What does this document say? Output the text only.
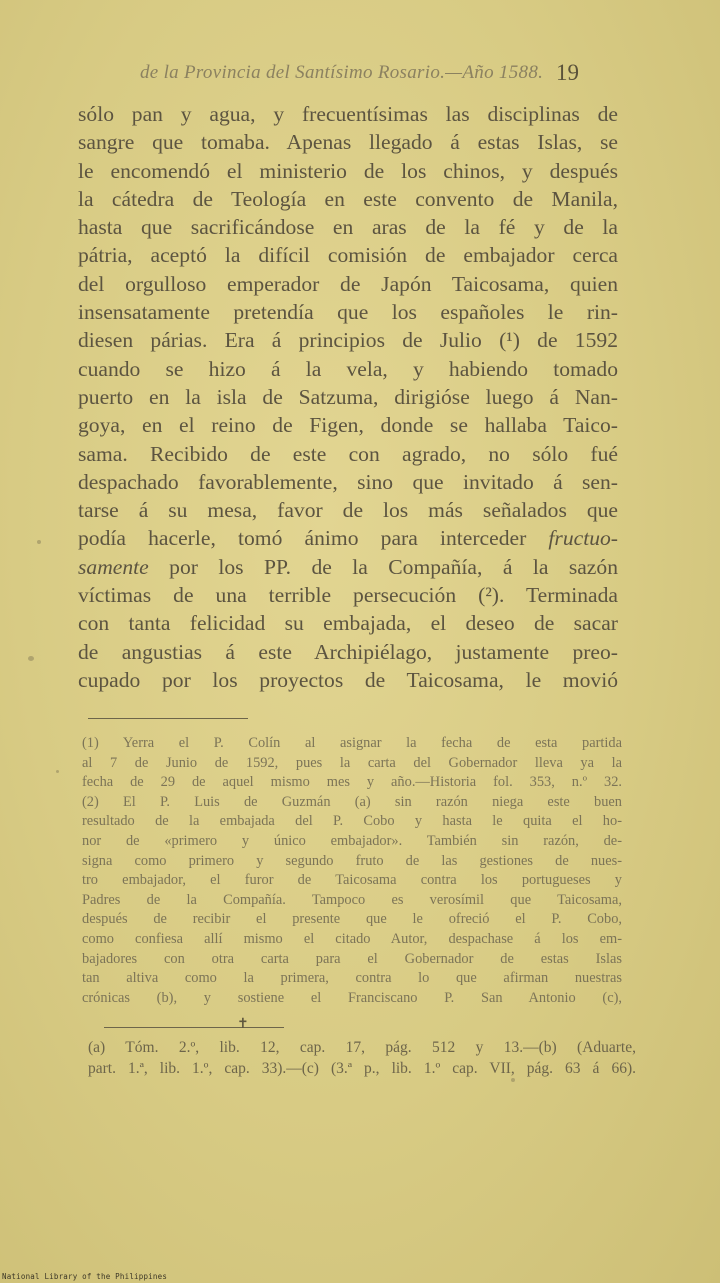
de la Provincia del Santísimo Rosario.—Año 1588. 19
sólo pan y agua, y frecuentísimas las disciplinas de
sangre que tomaba. Apenas llegado á estas Islas, se
le encomendó el ministerio de los chinos, y después
la cátedra de Teología en este convento de Manila,
hasta que sacrificándose en aras de la fé y de la
pátria, aceptó la difícil comisión de embajador cerca
del orgulloso emperador de Japón Taicosama, quien
insensatamente pretendía que los españoles le rin-
diesen párias. Era á principios de Julio (¹) de 1592
cuando se hizo á la vela, y habiendo tomado
puerto en la isla de Satzuma, dirigióse luego á Nan-
goya, en el reino de Figen, donde se hallaba Taico-
sama. Recibido de este con agrado, no sólo fué
despachado favorablemente, sino que invitado á sen-
tarse á su mesa, favor de los más señalados que
podía hacerle, tomó ánimo para interceder fructuo-
samente por los PP. de la Compañía, á la sazón
víctimas de una terrible persecución (²). Terminada
con tanta felicidad su embajada, el deseo de sacar
de angustias á este Archipiélago, justamente preo-
cupado por los proyectos de Taicosama, le movió
(1) Yerra el P. Colín al asignar la fecha de esta partida
al 7 de Junio de 1592, pues la carta del Gobernador lleva ya la
fecha de 29 de aquel mismo mes y año.—Historia fol. 353, n.º 32.
(2) El P. Luis de Guzmán (a) sin razón niega este buen
resultado de la embajada del P. Cobo y hasta le quita el ho-
nor de «primero y único embajador». También sin razón, de-
signa como primero y segundo fruto de las gestiones de nues-
tro embajador, el furor de Taicosama contra los portugueses y
Padres de la Compañía. Tampoco es verosímil que Taicosama,
después de recibir el presente que le ofreció el P. Cobo,
como confiesa allí mismo el citado Autor, despachase á los em-
bajadores con otra carta para el Gobernador de estas Islas
tan altiva como la primera, contra lo que afirman nuestras
crónicas (b), y sostiene el Franciscano P. San Antonio (c),
✝
(a) Tóm. 2.º, lib. 12, cap. 17, pág. 512 y 13.—(b) (Aduarte,
part. 1.ª, lib. 1.º, cap. 33).—(c) (3.ª p., lib. 1.º cap. VII, pág. 63 á 66).
National Library of the Philippines
